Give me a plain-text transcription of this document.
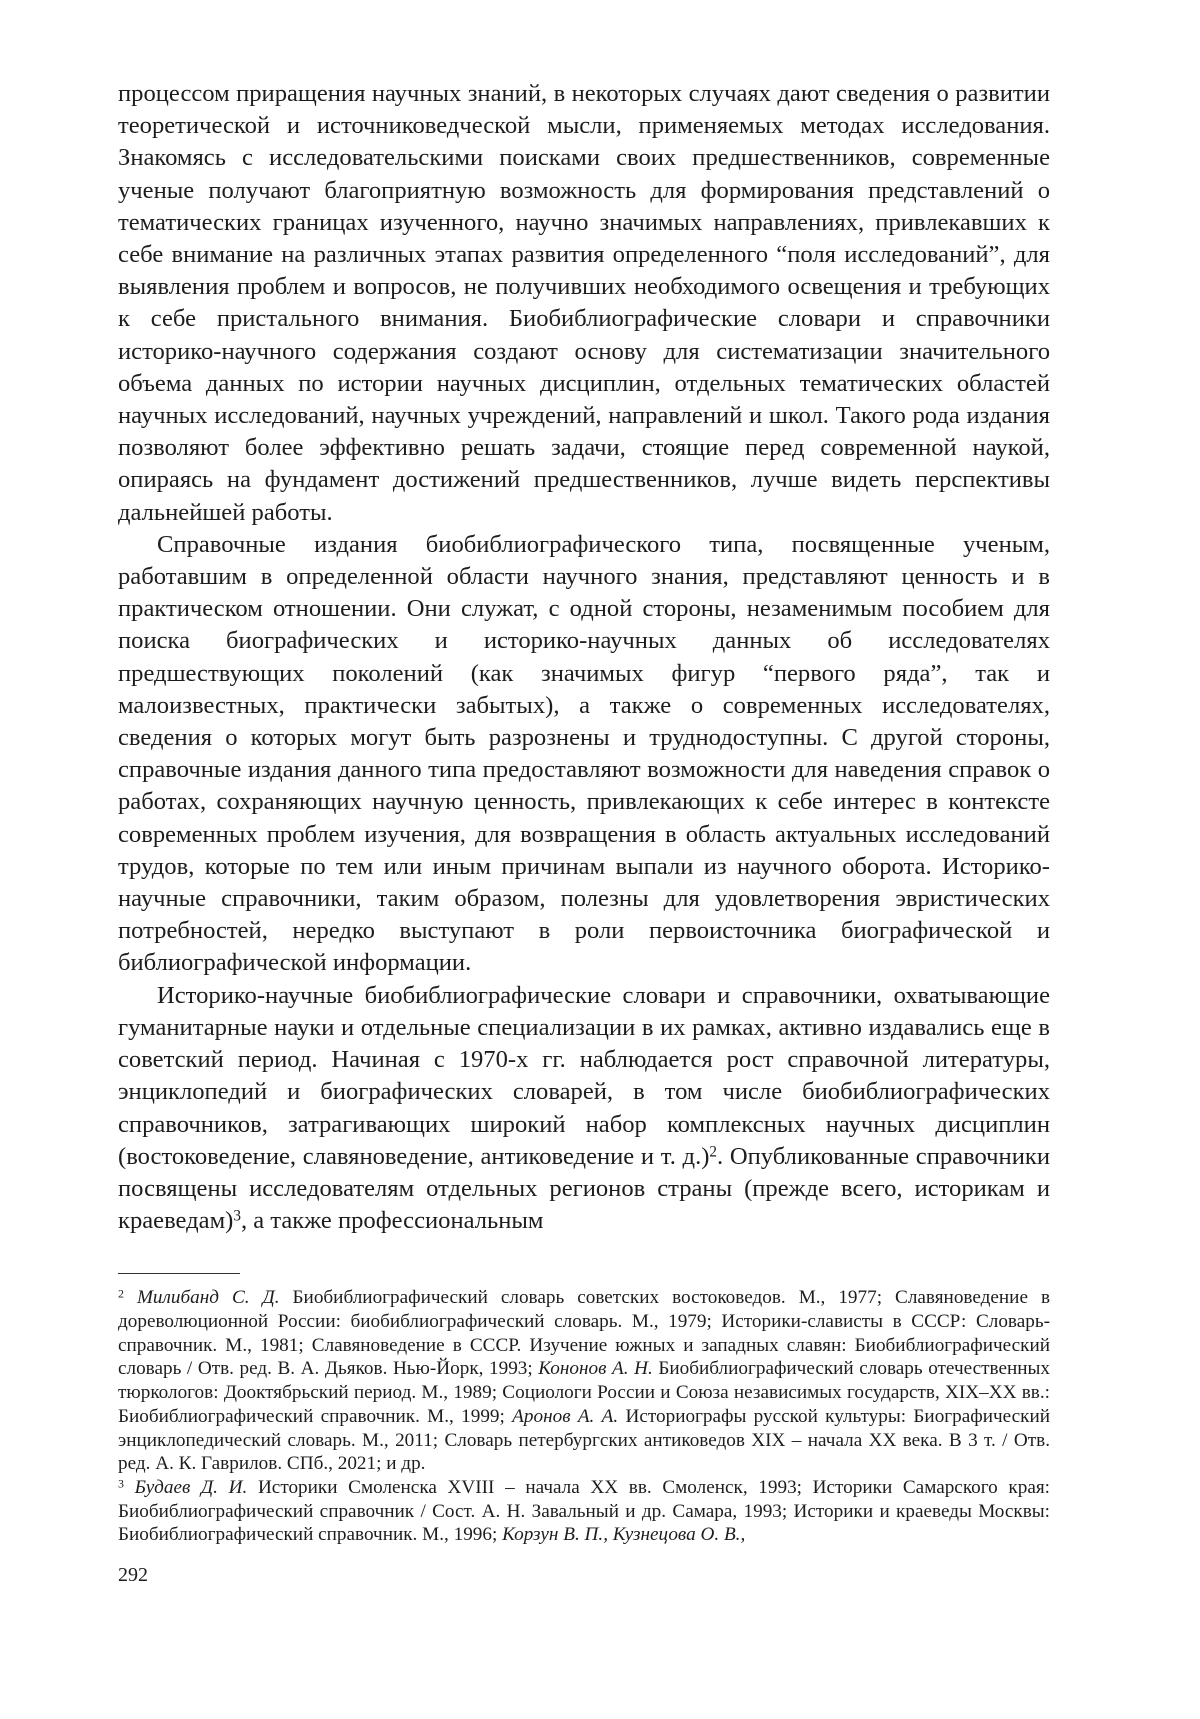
процессом приращения научных знаний, в некоторых случаях дают сведения о развитии теоретической и источниковедческой мысли, применяемых методах исследования. Знакомясь с исследовательскими поисками своих предшественников, современные ученые получают благоприятную возможность для формирования представлений о тематических границах изученного, научно значимых направлениях, привлекавших к себе внимание на различных этапах развития определенного “поля исследований”, для выявления проблем и вопросов, не получивших необходимого освещения и требующих к себе пристального внимания. Биобиблиографические словари и справочники историко-научного содержания создают основу для систематизации значительного объема данных по истории научных дисциплин, отдельных тематических областей научных исследований, научных учреждений, направлений и школ. Такого рода издания позволяют более эффективно решать задачи, стоящие перед современной наукой, опираясь на фундамент достижений предшественников, лучше видеть перспективы дальнейшей работы.

Справочные издания биобиблиографического типа, посвященные ученым, работавшим в определенной области научного знания, представляют ценность и в практическом отношении. Они служат, с одной стороны, незаменимым пособием для поиска биографических и историко-научных данных об исследователях предшествующих поколений (как значимых фигур “первого ряда”, так и малоизвестных, практически забытых), а также о современных исследователях, сведения о которых могут быть разрознены и труднодоступны. С другой стороны, справочные издания данного типа предоставляют возможности для наведения справок о работах, сохраняющих научную ценность, привлекающих к себе интерес в контексте современных проблем изучения, для возвращения в область актуальных исследований трудов, которые по тем или иным причинам выпали из научного оборота. Историко-научные справочники, таким образом, полезны для удовлетворения эвристических потребностей, нередко выступают в роли первоисточника биографической и библиографической информации.

Историко-научные биобиблиографические словари и справочники, охватывающие гуманитарные науки и отдельные специализации в их рамках, активно издавались еще в советский период. Начиная с 1970-х гг. наблюдается рост справочной литературы, энциклопедий и биографических словарей, в том числе биобиблиографических справочников, затрагивающих широкий набор комплексных научных дисциплин (востоковедение, славяноведение, антиковедение и т. д.)$^2$. Опубликованные справочники посвящены исследователям отдельных регионов страны (прежде всего, историкам и краеведам)$^3$, а также профессиональным

$^2$ Милибанд С. Д. Биобиблиографический словарь советских востоковедов. М., 1977; Славяноведение в дореволюционной России: биобиблиографический словарь. М., 1979; Историки-слависты в СССР: Словарь-справочник. М., 1981; Славяноведение в СССР. Изучение южных и западных славян: Биобиблиографический словарь / Отв. ред. В. А. Дьяков. Нью-Йорк, 1993; Кононов А. Н. Биобиблиографический словарь отечественных тюркологов: Дооктябрьский период. М., 1989; Социологи России и Союза независимых государств, XIX–XX вв.: Биобиблиографический справочник. М., 1999; Аронов А. А. Историографы русской культуры: Биографический энциклопедический словарь. М., 2011; Словарь петербургских антиковедов XIX – начала XX века. В 3 т. / Отв. ред. А. К. Гаврилов. СПб., 2021; и др.

$^3$ Будаев Д. И. Историки Смоленска XVIII – начала XX вв. Смоленск, 1993; Историки Самарского края: Биобиблиографический справочник / Сост. А. Н. Завальный и др. Самара, 1993; Историки и краеведы Москвы: Биобиблиографический справочник. М., 1996; Корзун В. П., Кузнецова О. В.,

292
